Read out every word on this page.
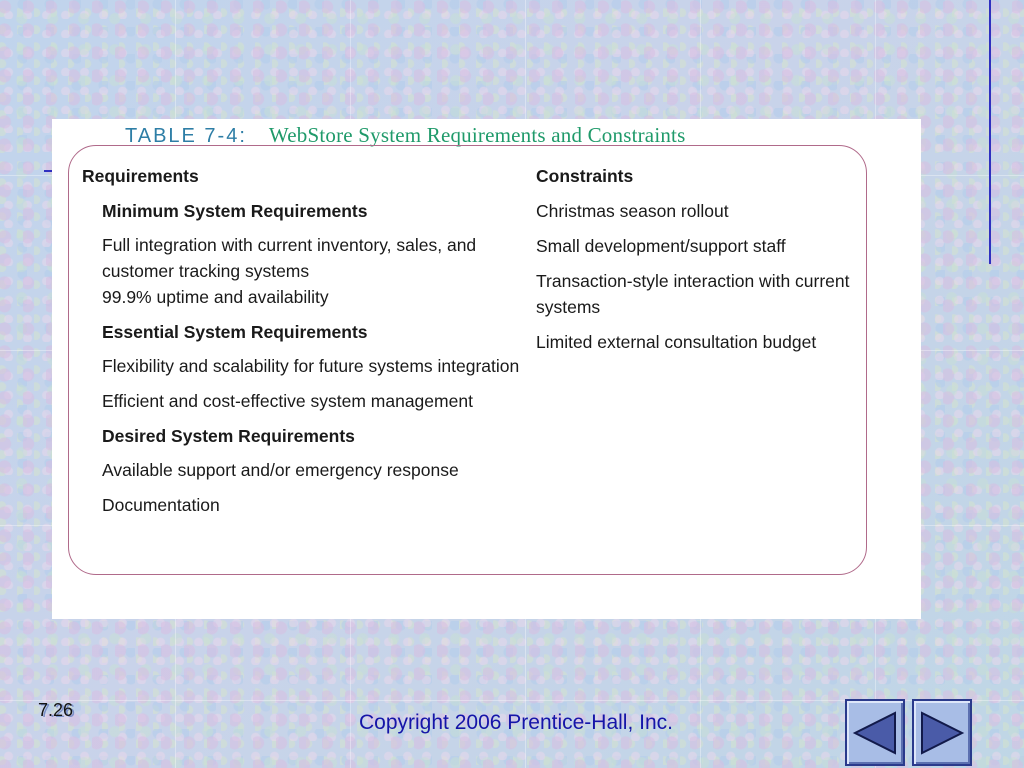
TABLE 7-4: WebStore System Requirements and Constraints
Requirements
Minimum System Requirements
Full integration with current inventory, sales, and customer tracking systems
99.9% uptime and availability
Essential System Requirements
Flexibility and scalability for future systems integration
Efficient and cost-effective system management
Desired System Requirements
Available support and/or emergency response
Documentation
Constraints
Christmas season rollout
Small development/support staff
Transaction-style interaction with current systems
Limited external consultation budget
7.26
Copyright 2006 Prentice-Hall, Inc.
